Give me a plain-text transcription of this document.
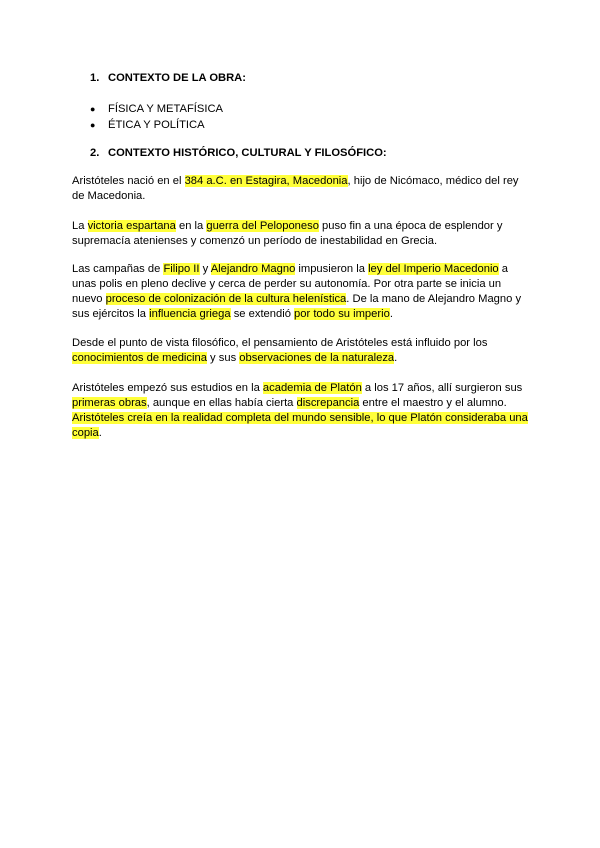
1. CONTEXTO DE LA OBRA:
● FÍSICA Y METAFÍSICA
● ÉTICA Y POLÍTICA
2. CONTEXTO HISTÓRICO, CULTURAL Y FILOSÓFICO:

Aristóteles nació en el 384 a.C. en Estagira, Macedonia, hijo de Nicómaco, médico del rey
de Macedonia.

La victoria espartana en la guerra del Peloponeso puso fin a una época de esplendor y
supremacía atenienses y comenzó un período de inestabilidad en Grecia.

Las campañas de Filipo II y Alejandro Magno impusieron la ley del Imperio Macedonio a
unas polis en pleno declive y cerca de perder su autonomía. Por otra parte se inicia un
nuevo proceso de colonización de la cultura helenística. De la mano de Alejandro Magno y
sus ejércitos la influencia griega se extendió por todo su imperio.

Desde el punto de vista filosófico, el pensamiento de Aristóteles está influido por los
conocimientos de medicina y sus observaciones de la naturaleza.

Aristóteles empezó sus estudios en la academia de Platón a los 17 años, allí surgieron sus
primeras obras, aunque en ellas había cierta discrepancia entre el maestro y el alumno.
Aristóteles creía en la realidad completa del mundo sensible, lo que Platón consideraba una
copia.
